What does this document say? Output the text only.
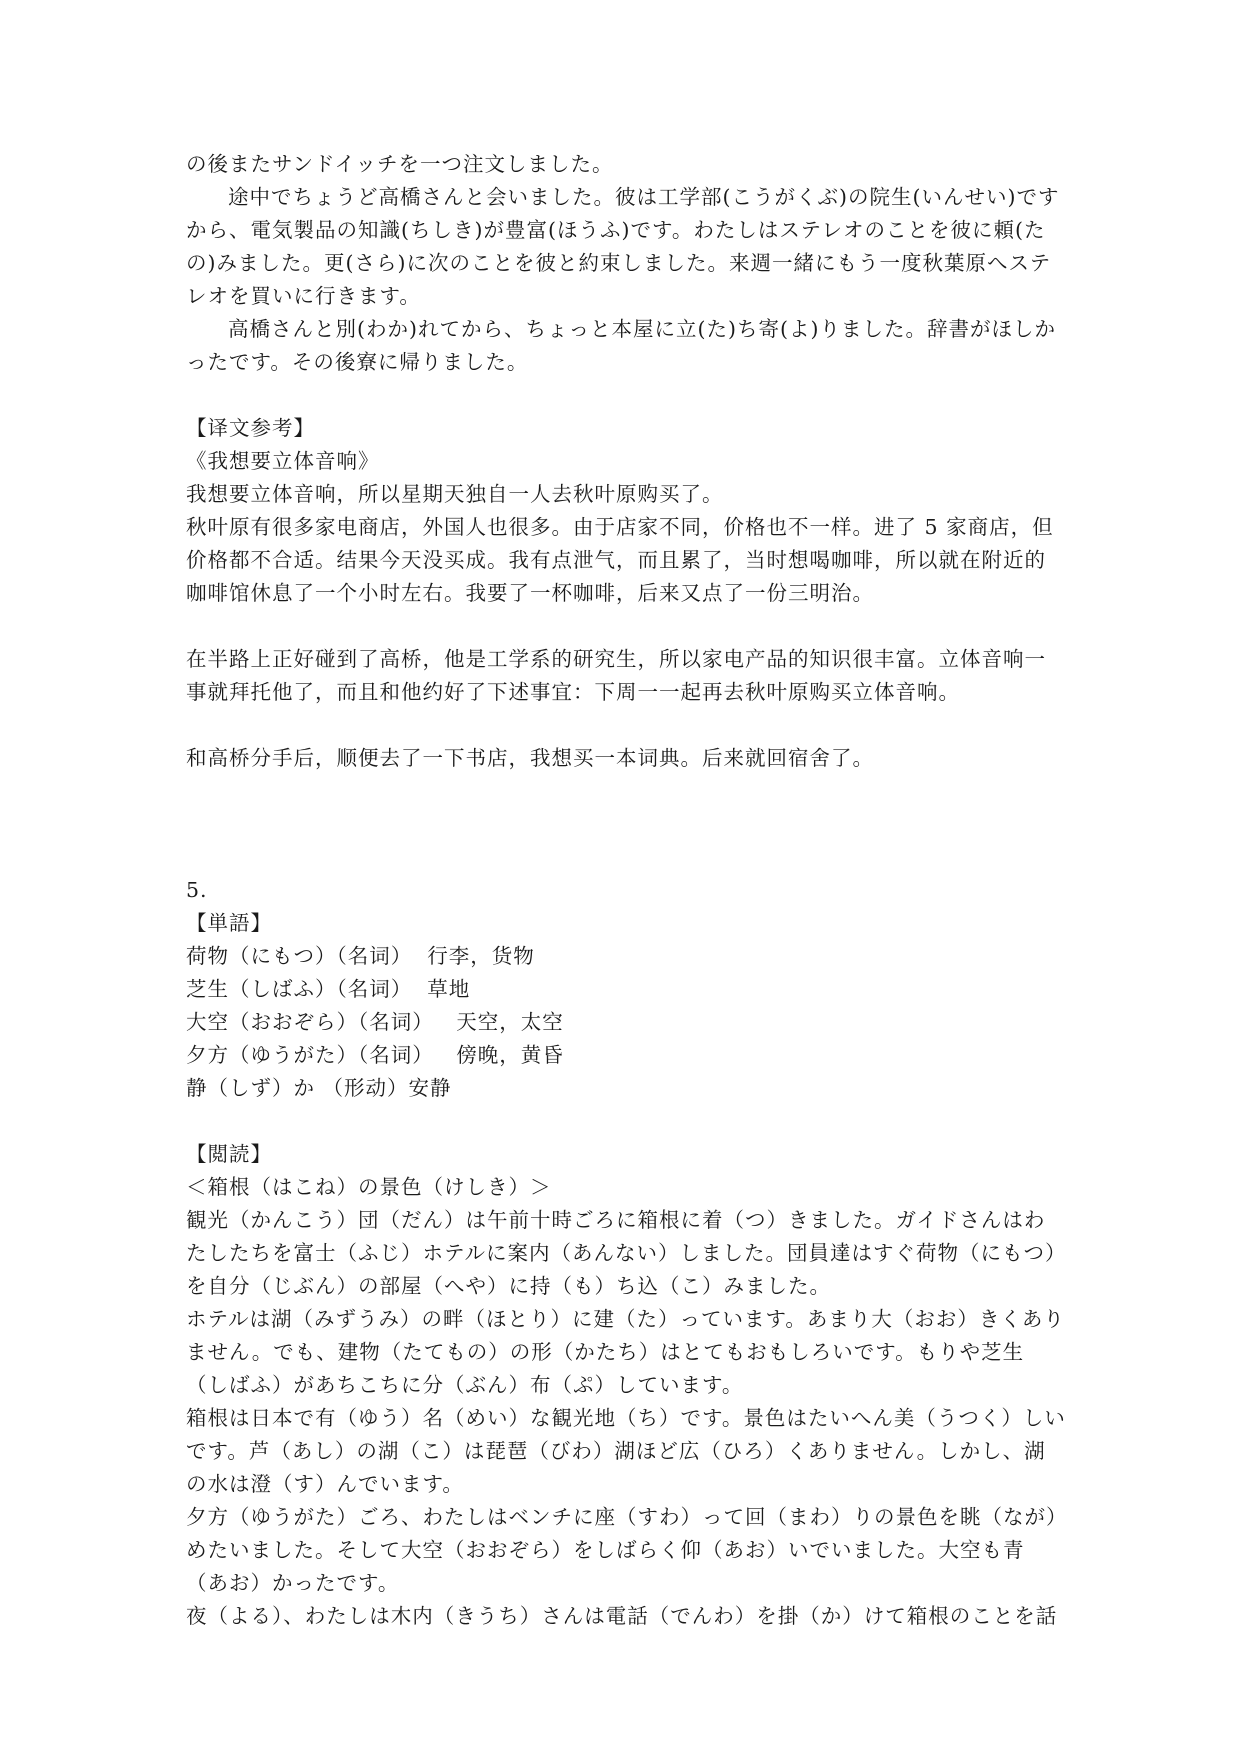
の後またサンドイッチを一つ注文しました。

途中でちょうど高橋さんと会いました。彼は工学部(こうがくぶ)の院生(いんせい)ですから、電気製品の知識(ちしき)が豊富(ほうふ)です。わたしはステレオのことを彼に頼(たの)みました。更(さら)に次のことを彼と約束しました。来週一緒にもう一度秋葉原へステレオを買いに行きます。

高橋さんと別(わか)れてから、ちょっと本屋に立(た)ち寄(よ)りました。辞書がほしかったです。その後寮に帰りました。

【译文参考】

《我想要立体音响》

我想要立体音响，所以星期天独自一人去秋叶原购买了。

秋叶原有很多家电商店，外国人也很多。由于店家不同，价格也不一样。进了 5 家商店，但价格都不合适。结果今天没买成。我有点泄气，而且累了，当时想喝咖啡，所以就在附近的咖啡馆休息了一个小时左右。我要了一杯咖啡，后来又点了一份三明治。

在半路上正好碰到了高桥，他是工学系的研究生，所以家电产品的知识很丰富。立体音响一事就拜托他了，而且和他约好了下述事宜：下周一一起再去秋叶原购买立体音响。

和高桥分手后，顺便去了一下书店，我想买一本词典。后来就回宿舍了。

5.

【単語】

荷物（にもつ）（名词）  行李，货物

芝生（しばふ）（名词）  草地

大空（おおぞら）（名词）   天空，太空

夕方（ゆうがた）（名词）   傍晚，黄昏

静（しず）か （形动）安静

【閲読】

＜箱根（はこね）の景色（けしき）＞

観光（かんこう）団（だん）は午前十時ごろに箱根に着（つ）きました。ガイドさんはわたしたちを富士（ふじ）ホテルに案内（あんない）しました。団員達はすぐ荷物（にもつ）を自分（じぶん）の部屋（へや）に持（も）ち込（こ）みました。

ホテルは湖（みずうみ）の畔（ほとり）に建（た）っています。あまり大（おお）きくありません。でも、建物（たてもの）の形（かたち）はとてもおもしろいです。もりや芝生（しばふ）があちこちに分（ぶん）布（ぷ）しています。

箱根は日本で有（ゆう）名（めい）な観光地（ち）です。景色はたいへん美（うつく）しいです。芦（あし）の湖（こ）は琵琶（びわ）湖ほど広（ひろ）くありません。しかし、湖の水は澄（す）んでいます。

夕方（ゆうがた）ごろ、わたしはベンチに座（すわ）って回（まわ）りの景色を眺（なが）めたいました。そして大空（おおぞら）をしばらく仰（あお）いでいました。大空も青（あお）かったです。

夜（よる）、わたしは木内（きうち）さんは電話（でんわ）を掛（か）けて箱根のことを話
